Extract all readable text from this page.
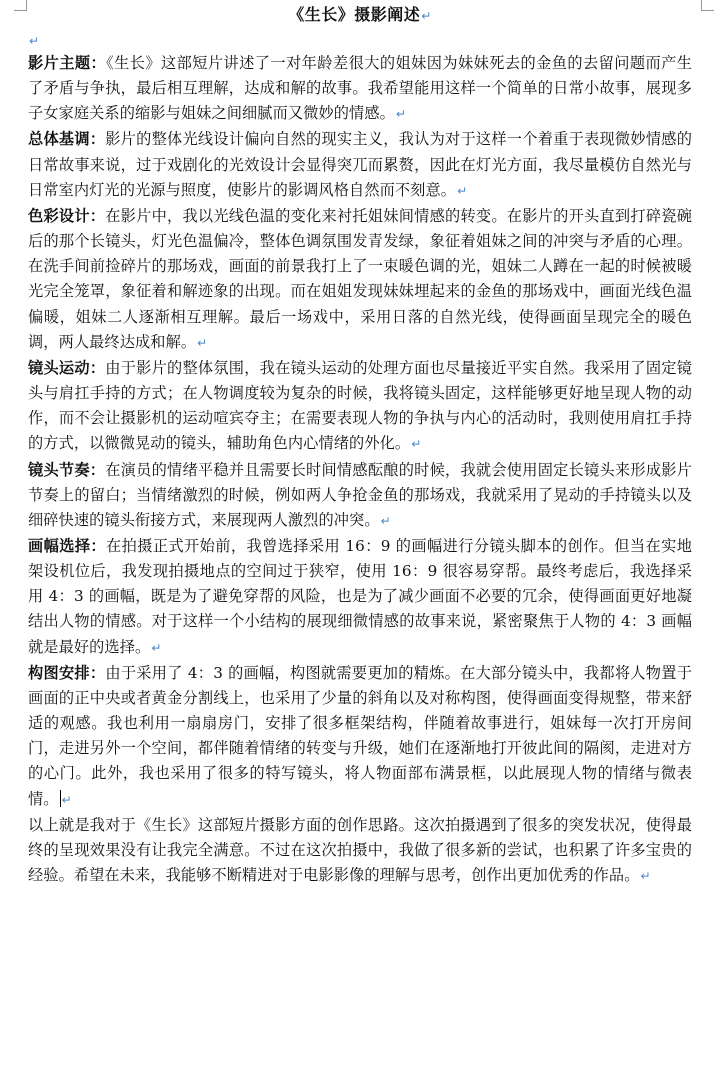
《生长》摄影阐述↵
↵

影片主题：《生长》这部短片讲述了一对年龄差很大的姐妹因为妹妹死去的金鱼的去留问题而产生了矛盾与争执，最后相互理解，达成和解的故事。我希望能用这样一个简单的日常小故事，展现多子女家庭关系的缩影与姐妹之间细腻而又微妙的情感。↵

总体基调：影片的整体光线设计偏向自然的现实主义，我认为对于这样一个着重于表现微妙情感的日常故事来说，过于戏剧化的光效设计会显得突兀而累赘，因此在灯光方面，我尽量模仿自然光与日常室内灯光的光源与照度，使影片的影调风格自然而不刻意。↵

色彩设计：在影片中，我以光线色温的变化来衬托姐妹间情感的转变。在影片的开头直到打碎瓷碗后的那个长镜头，灯光色温偏冷，整体色调氛围发青发绿，象征着姐妹之间的冲突与矛盾的心理。在洗手间前捡碎片的那场戏，画面的前景我打上了一束暖色调的光，姐妹二人蹲在一起的时候被暖光完全笼罩，象征着和解迹象的出现。而在姐姐发现妹妹埋起来的金鱼的那场戏中，画面光线色温偏暖，姐妹二人逐渐相互理解。最后一场戏中，采用日落的自然光线，使得画面呈现完全的暖色调，两人最终达成和解。↵

镜头运动：由于影片的整体氛围，我在镜头运动的处理方面也尽量接近平实自然。我采用了固定镜头与肩扛手持的方式；在人物调度较为复杂的时候，我将镜头固定，这样能够更好地呈现人物的动作，而不会让摄影机的运动喧宾夺主；在需要表现人物的争执与内心的活动时，我则使用肩扛手持的方式，以微微晃动的镜头，辅助角色内心情绪的外化。↵

镜头节奏：在演员的情绪平稳并且需要长时间情感酝酿的时候，我就会使用固定长镜头来形成影片节奏上的留白；当情绪激烈的时候，例如两人争抢金鱼的那场戏，我就采用了晃动的手持镜头以及细碎快速的镜头衔接方式，来展现两人激烈的冲突。↵

画幅选择：在拍摄正式开始前，我曾选择采用 16：9 的画幅进行分镜头脚本的创作。但当在实地架设机位后，我发现拍摄地点的空间过于狭窄，使用 16：9 很容易穿帮。最终考虑后，我选择采用 4：3 的画幅，既是为了避免穿帮的风险，也是为了减少画面不必要的冗余，使得画面更好地凝结出人物的情感。对于这样一个小结构的展现细微情感的故事来说，紧密聚焦于人物的 4：3 画幅就是最好的选择。↵

构图安排：由于采用了 4：3 的画幅，构图就需要更加的精炼。在大部分镜头中，我都将人物置于画面的正中央或者黄金分割线上，也采用了少量的斜角以及对称构图，使得画面变得规整，带来舒适的观感。我也利用一扇扇房门，安排了很多框架结构，伴随着故事进行，姐妹每一次打开房间门，走进另外一个空间，都伴随着情绪的转变与升级，她们在逐渐地打开彼此间的隔阂，走进对方的心门。此外，我也采用了很多的特写镜头，将人物面部布满景框，以此展现人物的情绪与微表情。 ↵

以上就是我对于《生长》这部短片摄影方面的创作思路。这次拍摄遇到了很多的突发状况，使得最终的呈现效果没有让我完全满意。不过在这次拍摄中，我做了很多新的尝试，也积累了许多宝贵的经验。希望在未来，我能够不断精进对于电影影像的理解与思考，创作出更加优秀的作品。↵
